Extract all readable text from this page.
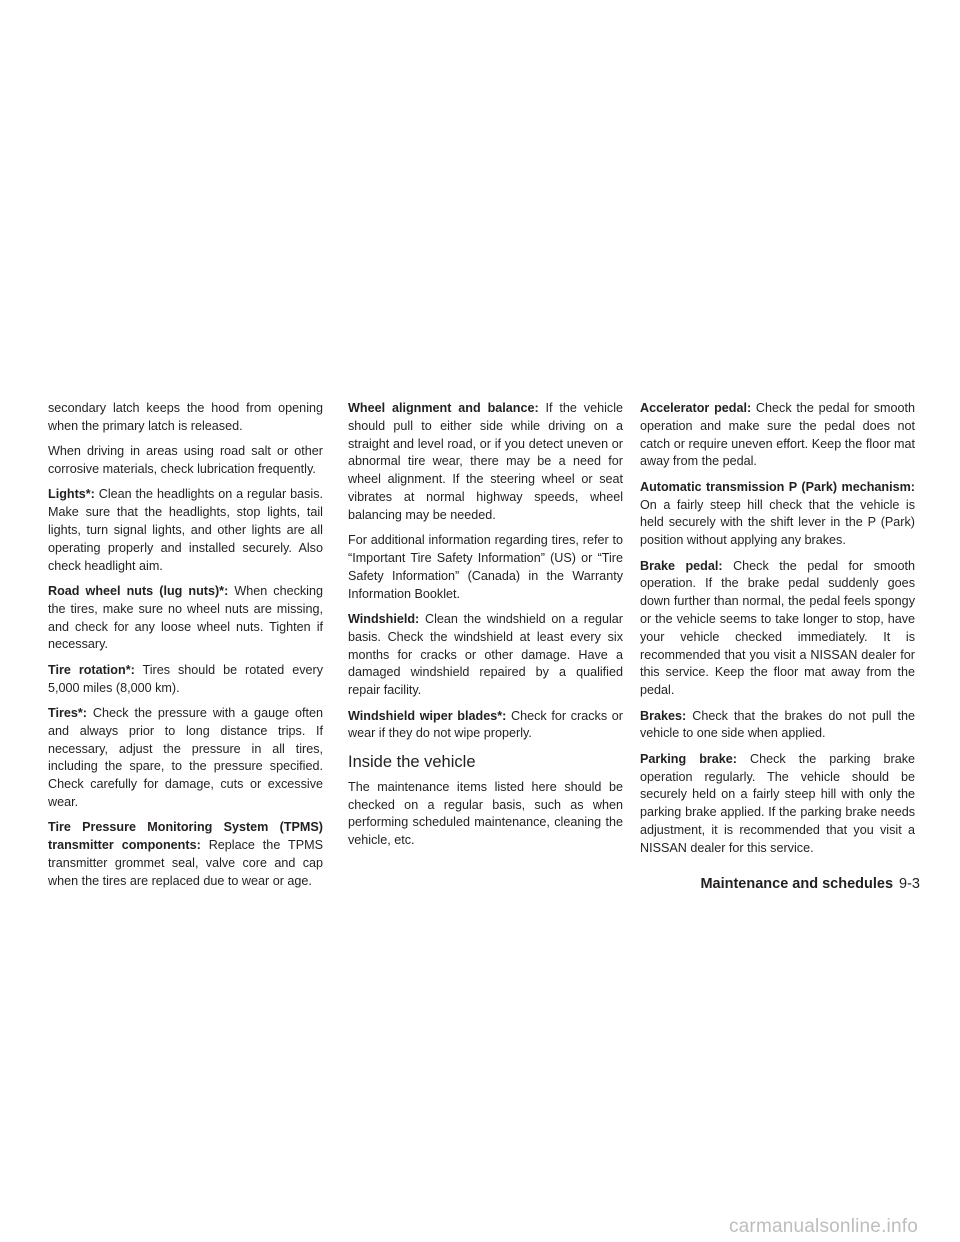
secondary latch keeps the hood from opening when the primary latch is released.

When driving in areas using road salt or other corrosive materials, check lubrication frequently.

Lights*: Clean the headlights on a regular basis. Make sure that the headlights, stop lights, tail lights, turn signal lights, and other lights are all operating properly and installed securely. Also check headlight aim.

Road wheel nuts (lug nuts)*: When checking the tires, make sure no wheel nuts are missing, and check for any loose wheel nuts. Tighten if necessary.

Tire rotation*: Tires should be rotated every 5,000 miles (8,000 km).

Tires*: Check the pressure with a gauge often and always prior to long distance trips. If necessary, adjust the pressure in all tires, including the spare, to the pressure specified. Check carefully for damage, cuts or excessive wear.

Tire Pressure Monitoring System (TPMS) transmitter components: Replace the TPMS transmitter grommet seal, valve core and cap when the tires are replaced due to wear or age.

Wheel alignment and balance: If the vehicle should pull to either side while driving on a straight and level road, or if you detect uneven or abnormal tire wear, there may be a need for wheel alignment. If the steering wheel or seat vibrates at normal highway speeds, wheel balancing may be needed.

For additional information regarding tires, refer to “Important Tire Safety Information” (US) or “Tire Safety Information” (Canada) in the Warranty Information Booklet.

Windshield: Clean the windshield on a regular basis. Check the windshield at least every six months for cracks or other damage. Have a damaged windshield repaired by a qualified repair facility.

Windshield wiper blades*: Check for cracks or wear if they do not wipe properly.

Inside the vehicle

The maintenance items listed here should be checked on a regular basis, such as when performing scheduled maintenance, cleaning the vehicle, etc.

Accelerator pedal: Check the pedal for smooth operation and make sure the pedal does not catch or require uneven effort. Keep the floor mat away from the pedal.

Automatic transmission P (Park) mechanism: On a fairly steep hill check that the vehicle is held securely with the shift lever in the P (Park) position without applying any brakes.

Brake pedal: Check the pedal for smooth operation. If the brake pedal suddenly goes down further than normal, the pedal feels spongy or the vehicle seems to take longer to stop, have your vehicle checked immediately. It is recommended that you visit a NISSAN dealer for this service. Keep the floor mat away from the pedal.

Brakes: Check that the brakes do not pull the vehicle to one side when applied.

Parking brake: Check the parking brake operation regularly. The vehicle should be securely held on a fairly steep hill with only the parking brake applied. If the parking brake needs adjustment, it is recommended that you visit a NISSAN dealer for this service.

Maintenance and schedules 9-3
carmanualsonline.info
